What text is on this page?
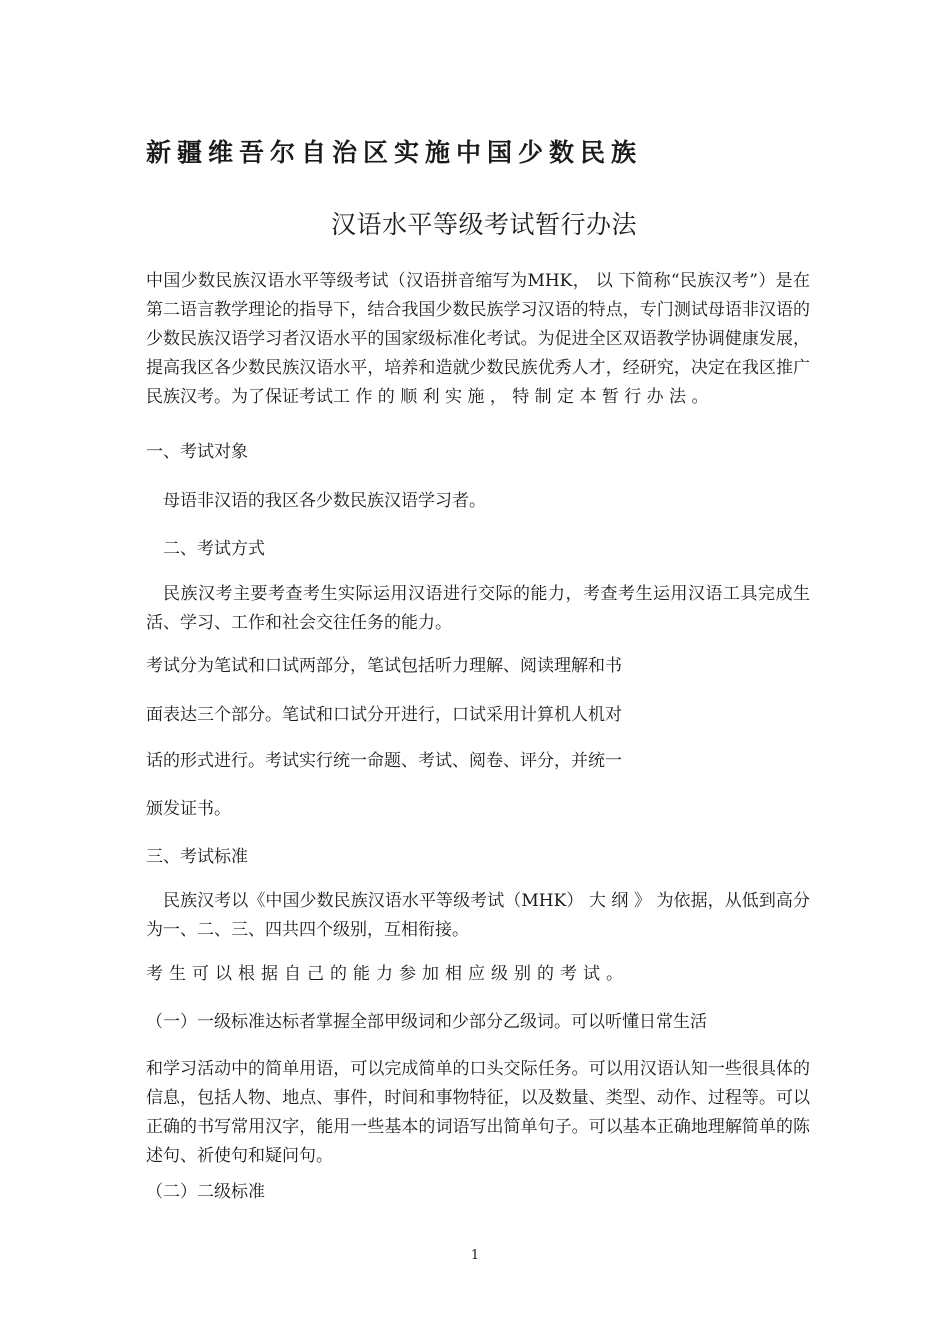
新疆维吾尔自治区实施中国少数民族
汉语水平等级考试暂行办法
中国少数民族汉语水平等级考试（汉语拼音缩写为MHK， 以 下简称“民族汉考”）是在第二语言教学理论的指导下，结合我国少数民族学习汉语的特点，专门测试母语非汉语的少数民族汉语学习者汉语水平的国家级标准化考试。为促进全区双语教学协调健康发展，提高我区各少数民族汉语水平，培养和造就少数民族优秀人才，经研究，决定在我区推广民族汉考。为了保证考试工 作 的 顺 利 实 施 ， 特 制 定 本 暂 行 办 法 。
一、考试对象
母语非汉语的我区各少数民族汉语学习者。
二、考试方式
民族汉考主要考查考生实际运用汉语进行交际的能力，考查考生运用汉语工具完成生活、学习、工作和社会交往任务的能力。
考试分为笔试和口试两部分，笔试包括听力理解、阅读理解和书
面表达三个部分。笔试和口试分开进行，口试采用计算机人机对
话的形式进行。考试实行统一命题、考试、阅卷、评分，并统一
颁发证书。
三、考试标准
民族汉考以《中国少数民族汉语水平等级考试（MHK） 大 纲 》 为依据，从低到高分为一、二、三、四共四个级别，互相衔接。
考生可以根据自己的能力参加相应级别的考试。
（一）一级标准达标者掌握全部甲级词和少部分乙级词。可以听懂日常生活
和学习活动中的简单用语，可以完成简单的口头交际任务。可以用汉语认知一些很具体的信息，包括人物、地点、事件，时间和事物特征，以及数量、类型、动作、过程等。可以正确的书写常用汉字，能用一些基本的词语写出简单句子。可以基本正确地理解简单的陈述句、祈使句和疑问句。
（二）二级标准
1
